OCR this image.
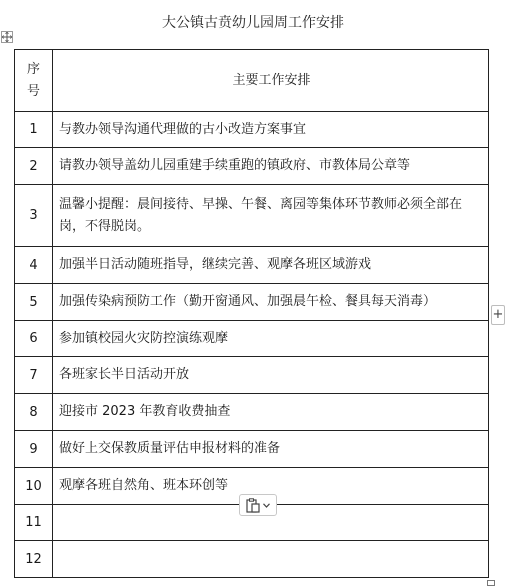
大公镇古贲幼儿园周工作安排
序号	主要工作安排
1	与教办领导沟通代理做的古小改造方案事宜
2	请教办领导盖幼儿园重建手续重跑的镇政府、市教体局公章等
3	温馨小提醒：晨间接待、早操、午餐、离园等集体环节教师必须全部在岗，不得脱岗。
4	加强半日活动随班指导，继续完善、观摩各班区域游戏
5	加强传染病预防工作（勤开窗通风、加强晨午检、餐具每天消毒）
6	参加镇校园火灾防控演练观摩
7	各班家长半日活动开放
8	迎接市 2023 年教育收费抽查
9	做好上交保教质量评估申报材料的准备
10	观摩各班自然角、班本环创等
11	
12	
+
